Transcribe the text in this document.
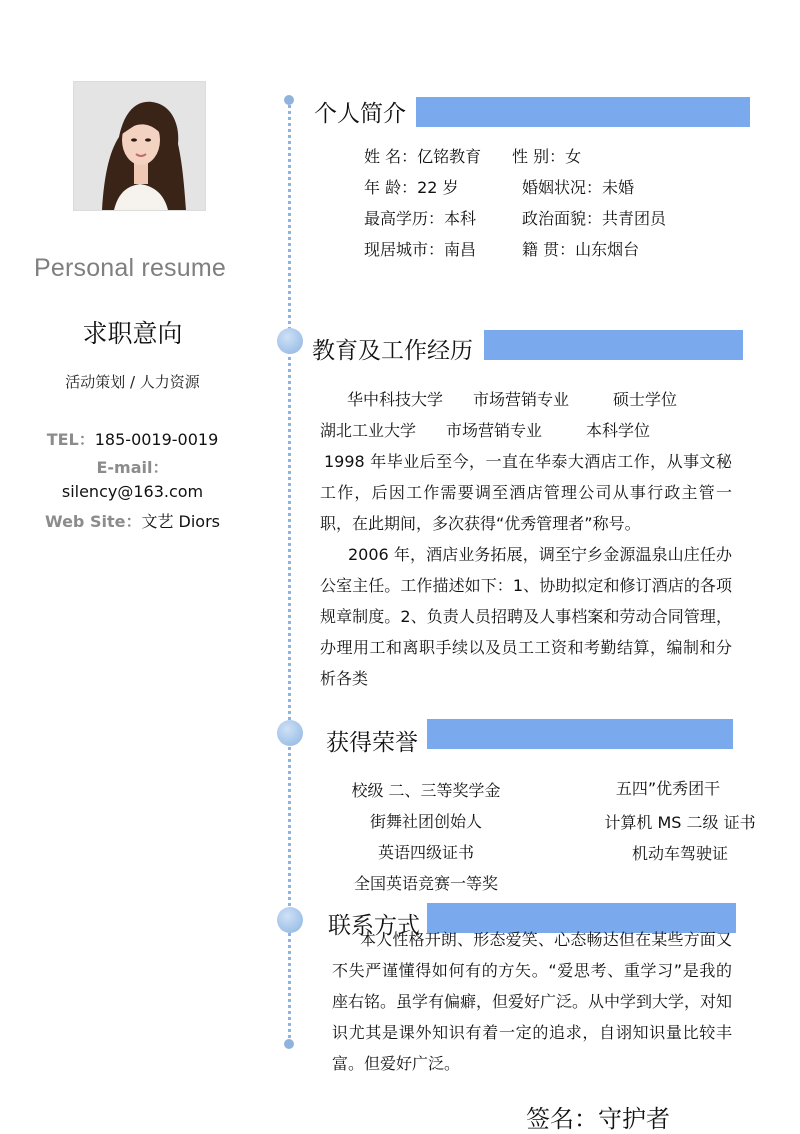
Personal resume
求职意向
活动策划 / 人力资源
TEL：185-0019-0019
E-mail：
silency@163.com
Web Site：文艺 Diors
个人简介
姓 名：亿铭教育 性 别：女
年 龄：22 岁	婚姻状况：未婚
最高学历：本科	政治面貌：共青团员
现居城市：南昌	籍 贯：山东烟台
教育及工作经历
华中科技大学 市场营销专业	硕士学位
湖北工业大学 市场营销专业	本科学位
1998 年毕业后至今，一直在华泰大酒店工作，从事文秘工作，后因工作需要调至酒店管理公司从事行政主管一职，在此期间，多次获得“优秀管理者”称号。
2006 年，酒店业务拓展，调至宁乡金源温泉山庄任办公室主任。工作描述如下：1、协助拟定和修订酒店的各项规章制度。2、负责人员招聘及人事档案和劳动合同管理，办理用工和离职手续以及员工工资和考勤结算，编制和分析各类
获得荣誉
校级 二、三等奖学金
街舞社团创始人
英语四级证书
全国英语竞赛一等奖
五四”优秀团干
计算机 MS 二级 证书
机动车驾驶证
本人性格开朗、形态爱笑、心态畅达但在某些方面又不失严谨懂得如何有的方矢。“爱思考、重学习”是我的座右铭。虽学有偏癖，但爱好广泛。从中学到大学，对知识尤其是课外知识有着一定的追求，自诩知识量比较丰富。但爱好广泛。
联系方式
签名：守护者
